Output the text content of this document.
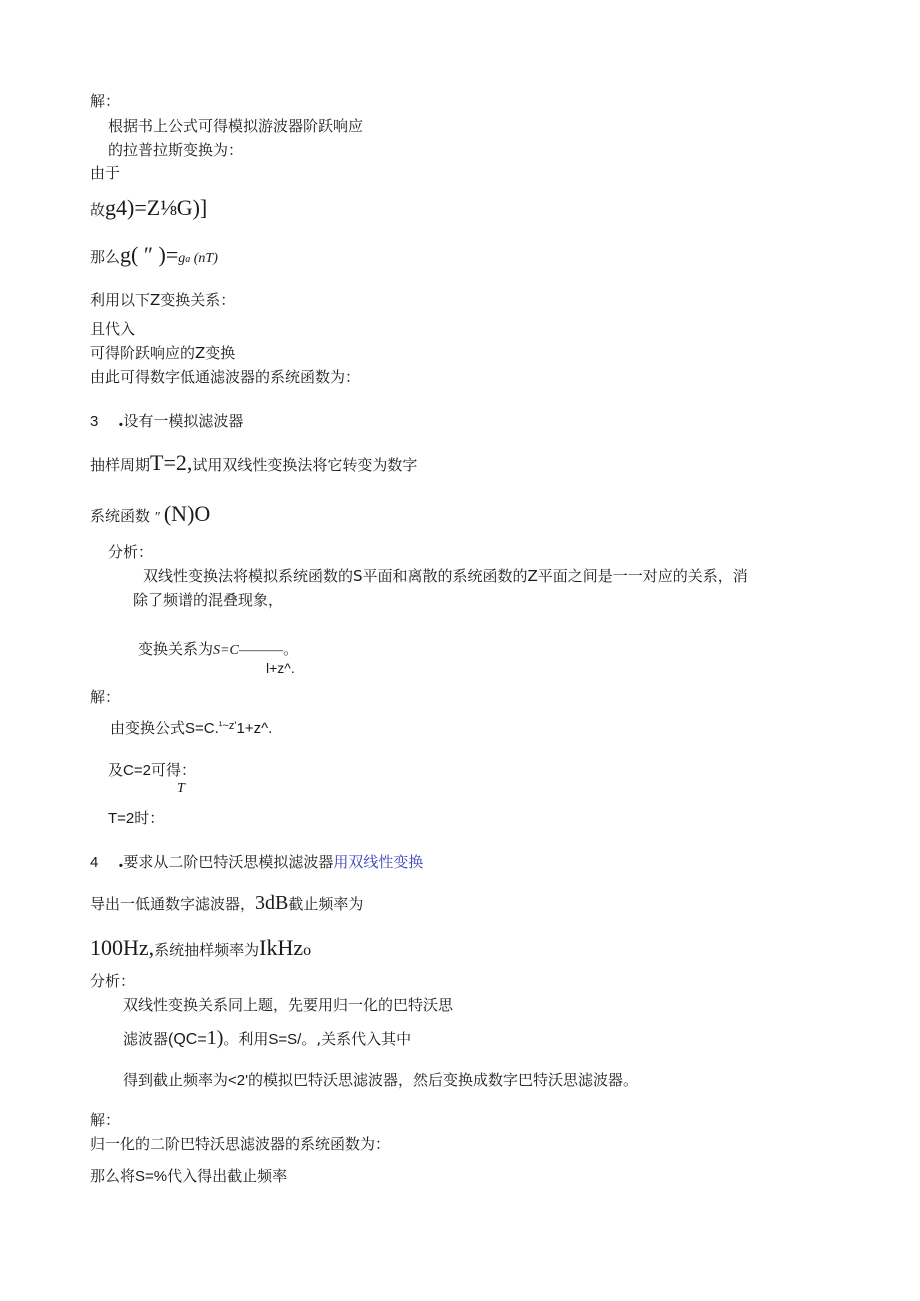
解：
根据书上公式可得模拟游波器阶跃响应
的拉普拉斯变换为：
由于
故g4)=Z⅛G)]
那么g( ″ )=ga (nT)
利用以下Z变换关系：
且代入
可得阶跃响应的Z变换
由此可得数字低通滤波器的系统函数为：
3 .设有一模拟滤波器
抽样周期T=2,试用双线性变换法将它转变为数字
系统函数 ″ (N)O
分析：
双线性变换法将模拟系统函数的S平面和离散的系统函数的Z平面之间是一一对应的关系，消
除了频谱的混叠现象，
变换关系为S=C———–。
l+z^.
解：
由变换公式S=C.$^{^1\sim z'}$1+z^.
及C=2可得：
T
T=2时：
4 .要求从二阶巴特沃思模拟滤波器用双线性变换
导出一低通数字滤波器，3dB截止频率为
100Hz,系统抽样频率为IkHzo
分析：
双线性变换关系同上题，先要用归一化的巴特沃思
滤波器(QC=1)。利用S=S/。,关系代入其中
得到截止频率为<2'的模拟巴特沃思滤波器，然后变换成数字巴特沃思滤波器。
解：
归一化的二阶巴特沃思滤波器的系统函数为：
那么将S=%代入得出截止频率
